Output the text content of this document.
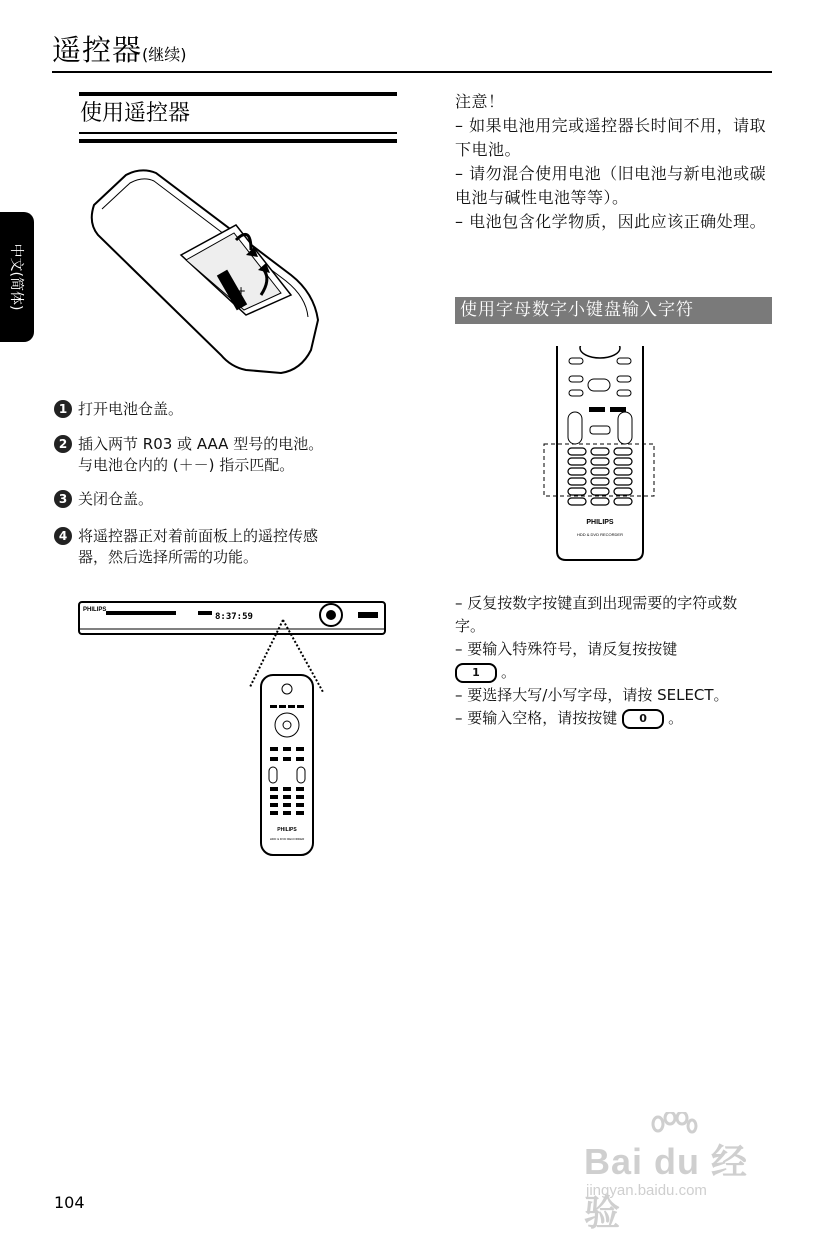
遥控器(继续)
中文(简体)
使用遥控器
+
1 打开电池仓盖。
2 插入两节 R03 或 AAA 型号的电池。
与电池仓内的 (＋－) 指示匹配。
3 关闭仓盖。
4 将遥控器正对着前面板上的遥控传感
器，然后选择所需的功能。
PHILIPS
8:37:59
PHILIPS
HDD & DVD RECORDER

注意！

– 如果电池用完或遥控器长时间不用，请取下电池。

– 请勿混合使用电池（旧电池与新电池或碳电池与碱性电池等等）。

– 电池包含化学物质，因此应该正确处理。

使用字母数字小键盘输入字符
PHILIPS
HDD & DVD RECORDER

– 反复按数字按键直到出现需要的字符或数字。

– 要输入特殊符号，请反复按按键
1 。

– 要选择大写/小写字母，请按 SELECT。

– 要输入空格，请按按键 0 。

104
Bai du 经验
jingyan.baidu.com
